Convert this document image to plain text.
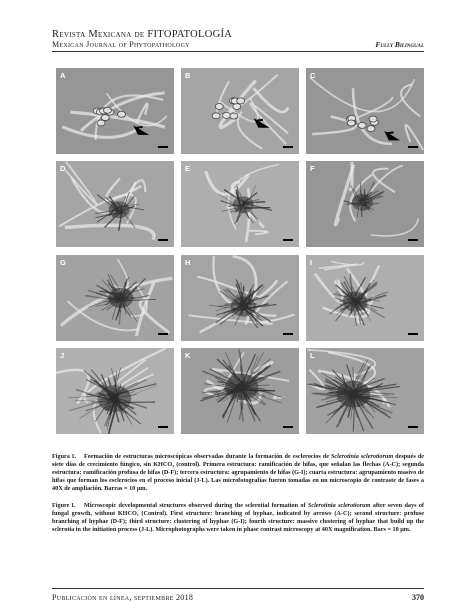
Revista Mexicana de FITOPATOLOGÍA
Mexican Journal of Phytopathology	Fully Bilingual
A	B	C
D	E	F
G	H	I
J	K	L
Figura 1. Formación de estructuras microscópicas observadas durante la formación de esclerocios de Sclerotinia sclerotiorum después de siete días de crecimiento fúngico, sin KHCO₃ (control). Primera estructura: ramificación de hifas, que señalan las flechas (A-C); segunda estructura: ramificación profusa de hifas (D-F); tercera estructura: agrupamiento de hifas (G-I); cuarta estructura: agrupamiento masivo de hifas que forman los esclerocios en el proceso inicial (J-L). Las microfotografías fueron tomadas en un microscopio de contraste de fases a 40X de ampliación. Barras = 10 µm.
Figure 1. Microscopic developmental structures observed during the sclerotial formation of Sclerotinia sclerotiorum after seven days of fungal growth, without KHCO₃ (Control). First structure: branching of hyphae, indicated by arrows (A-C); second structure: profuse branching of hyphae (D-F); third structure: clustering of hyphae (G-I); fourth structure: massive clustering of hyphae that build up the sclerotia in the initiation process (J-L). Microphotographs were taken in phase contrast microscopy at 40X magnification. Bars = 10 µm.
Publicación en línea, septiembre 2018	370
